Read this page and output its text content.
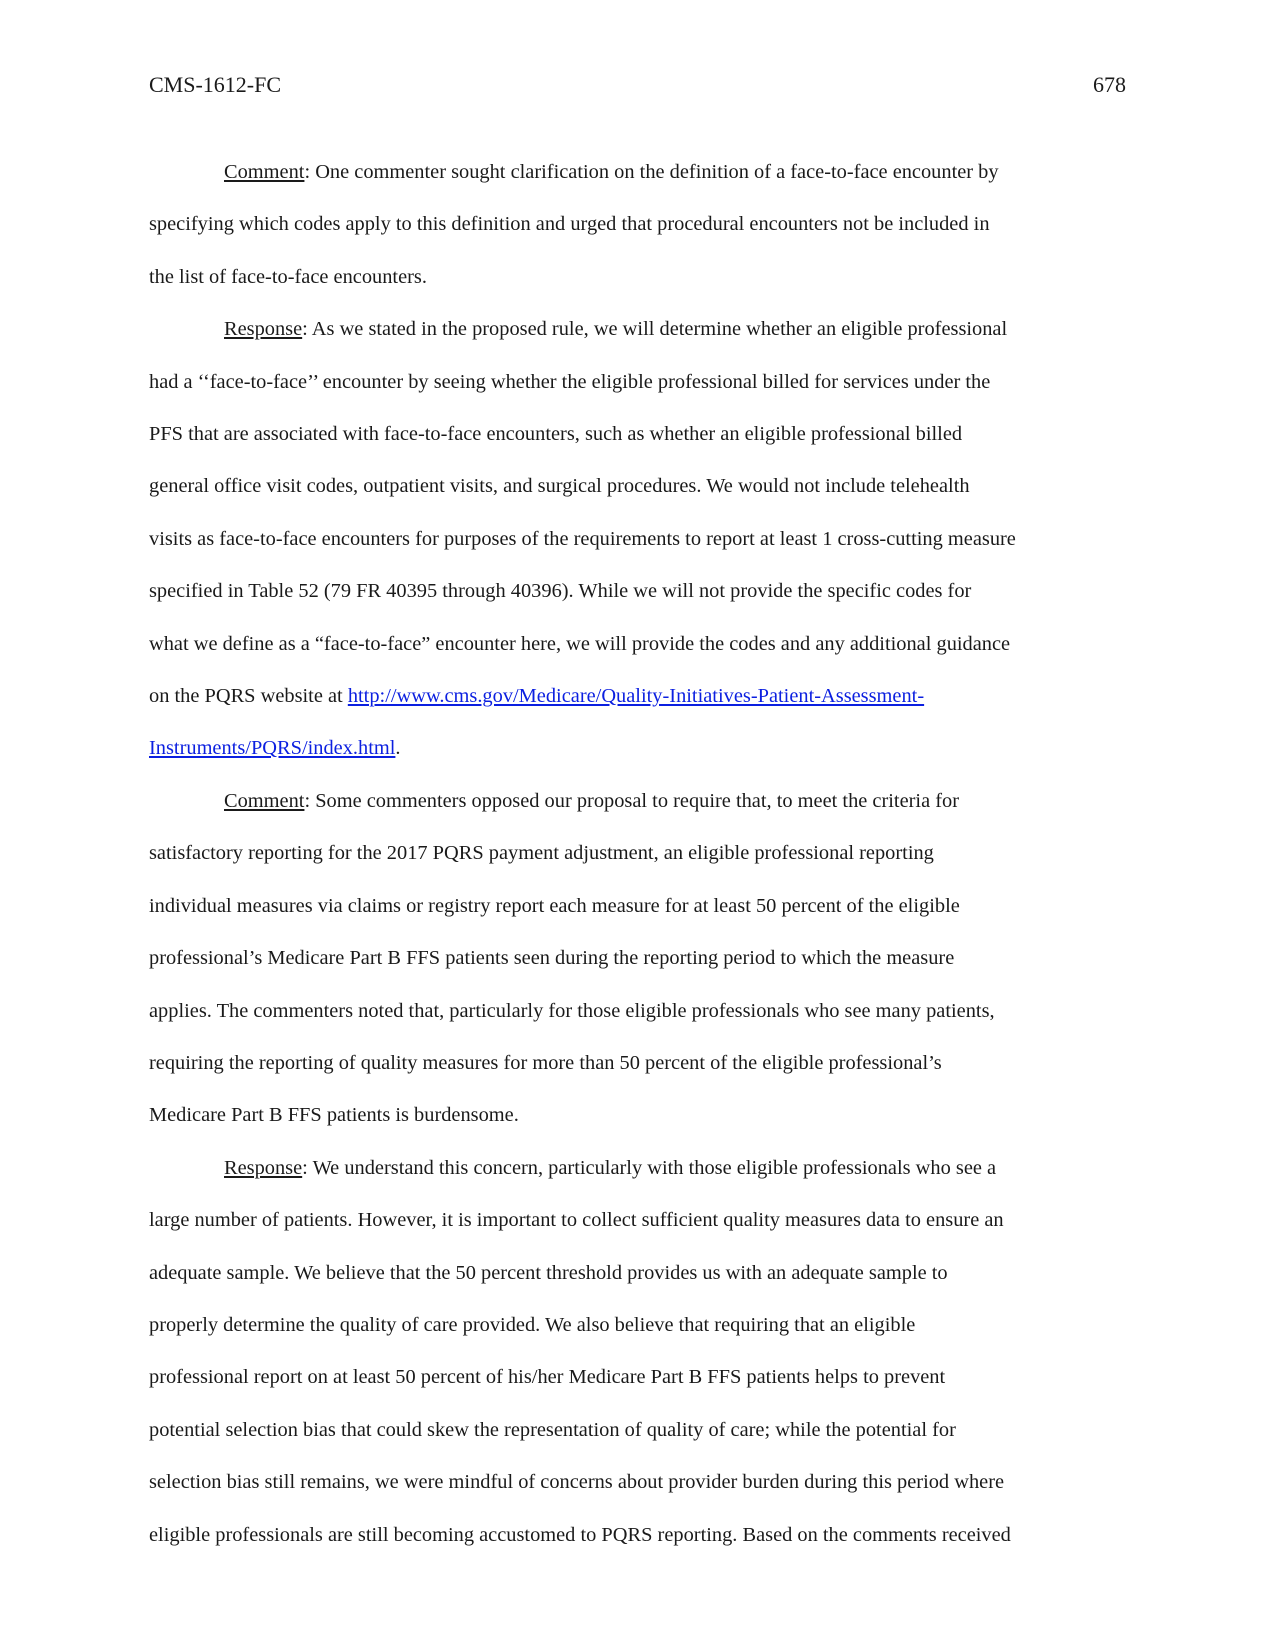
CMS-1612-FC	678

Comment: One commenter sought clarification on the definition of a face-to-face encounter by
specifying which codes apply to this definition and urged that procedural encounters not be included in
the list of face-to-face encounters.

Response: As we stated in the proposed rule, we will determine whether an eligible professional
had a ‘‘face-to-face’’ encounter by seeing whether the eligible professional billed for services under the
PFS that are associated with face-to-face encounters, such as whether an eligible professional billed
general office visit codes, outpatient visits, and surgical procedures. We would not include telehealth
visits as face-to-face encounters for purposes of the requirements to report at least 1 cross-cutting measure
specified in Table 52 (79 FR 40395 through 40396). While we will not provide the specific codes for
what we define as a “face-to-face” encounter here, we will provide the codes and any additional guidance
on the PQRS website at http://www.cms.gov/Medicare/Quality-Initiatives-Patient-Assessment-
Instruments/PQRS/index.html.

Comment: Some commenters opposed our proposal to require that, to meet the criteria for
satisfactory reporting for the 2017 PQRS payment adjustment, an eligible professional reporting
individual measures via claims or registry report each measure for at least 50 percent of the eligible
professional’s Medicare Part B FFS patients seen during the reporting period to which the measure
applies. The commenters noted that, particularly for those eligible professionals who see many patients,
requiring the reporting of quality measures for more than 50 percent of the eligible professional’s
Medicare Part B FFS patients is burdensome.

Response: We understand this concern, particularly with those eligible professionals who see a
large number of patients. However, it is important to collect sufficient quality measures data to ensure an
adequate sample. We believe that the 50 percent threshold provides us with an adequate sample to
properly determine the quality of care provided. We also believe that requiring that an eligible
professional report on at least 50 percent of his/her Medicare Part B FFS patients helps to prevent
potential selection bias that could skew the representation of quality of care; while the potential for
selection bias still remains, we were mindful of concerns about provider burden during this period where
eligible professionals are still becoming accustomed to PQRS reporting. Based on the comments received
